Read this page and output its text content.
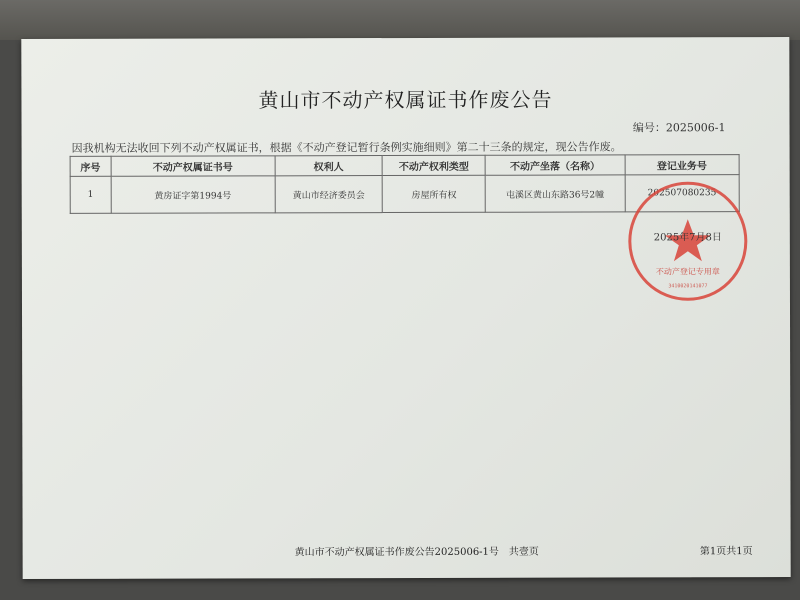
黄山市不动产权属证书作废公告
编号：2025006-1
因我机构无法收回下列不动产权属证书，根据《不动产登记暂行条例实施细则》第二十三条的规定，现公告作废。
序号	不动产权属证书号	权利人	不动产权利类型	不动产坐落（名称）	登记业务号
1	黄房证字第1994号	黄山市经济委员会	房屋所有权	屯溪区黄山东路36号2幢	202507080235
不动产登记专用章
3410020141077
2025年7月8日
黄山市不动产权属证书作废公告2025006-1号　共壹页	第1页共1页
